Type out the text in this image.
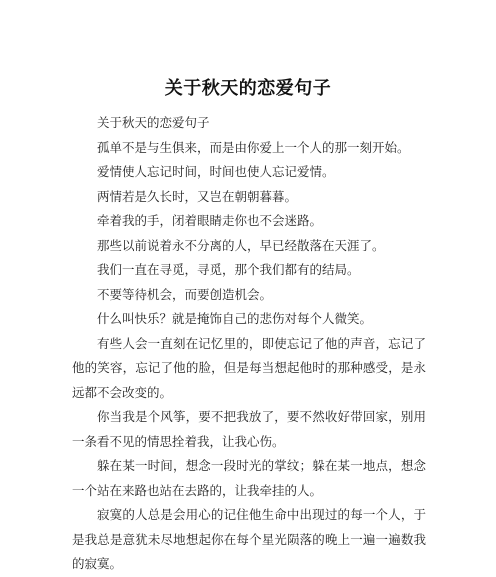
关于秋天的恋爱句子

关于秋天的恋爱句子

孤单不是与生俱来，而是由你爱上一个人的那一刻开始。

爱情使人忘记时间，时间也使人忘记爱情。

两情若是久长时，又岂在朝朝暮暮。

牵着我的手，闭着眼睛走你也不会迷路。

那些以前说着永不分离的人，早已经散落在天涯了。

我们一直在寻觅，寻觅，那个我们都有的结局。

不要等待机会，而要创造机会。

什么叫快乐？就是掩饰自己的悲伤对每个人微笑。

有些人会一直刻在记忆里的，即使忘记了他的声音，忘记了他的笑容，忘记了他的脸，但是每当想起他时的那种感受，是永远都不会改变的。

你当我是个风筝，要不把我放了，要不然收好带回家，别用一条看不见的情思拴着我，让我心伤。

躲在某一时间，想念一段时光的掌纹；躲在某一地点，想念一个站在来路也站在去路的，让我牵挂的人。

寂寞的人总是会用心的记住他生命中出现过的每一个人，于是我总是意犹未尽地想起你在每个星光陨落的晚上一遍一遍数我的寂寞。
